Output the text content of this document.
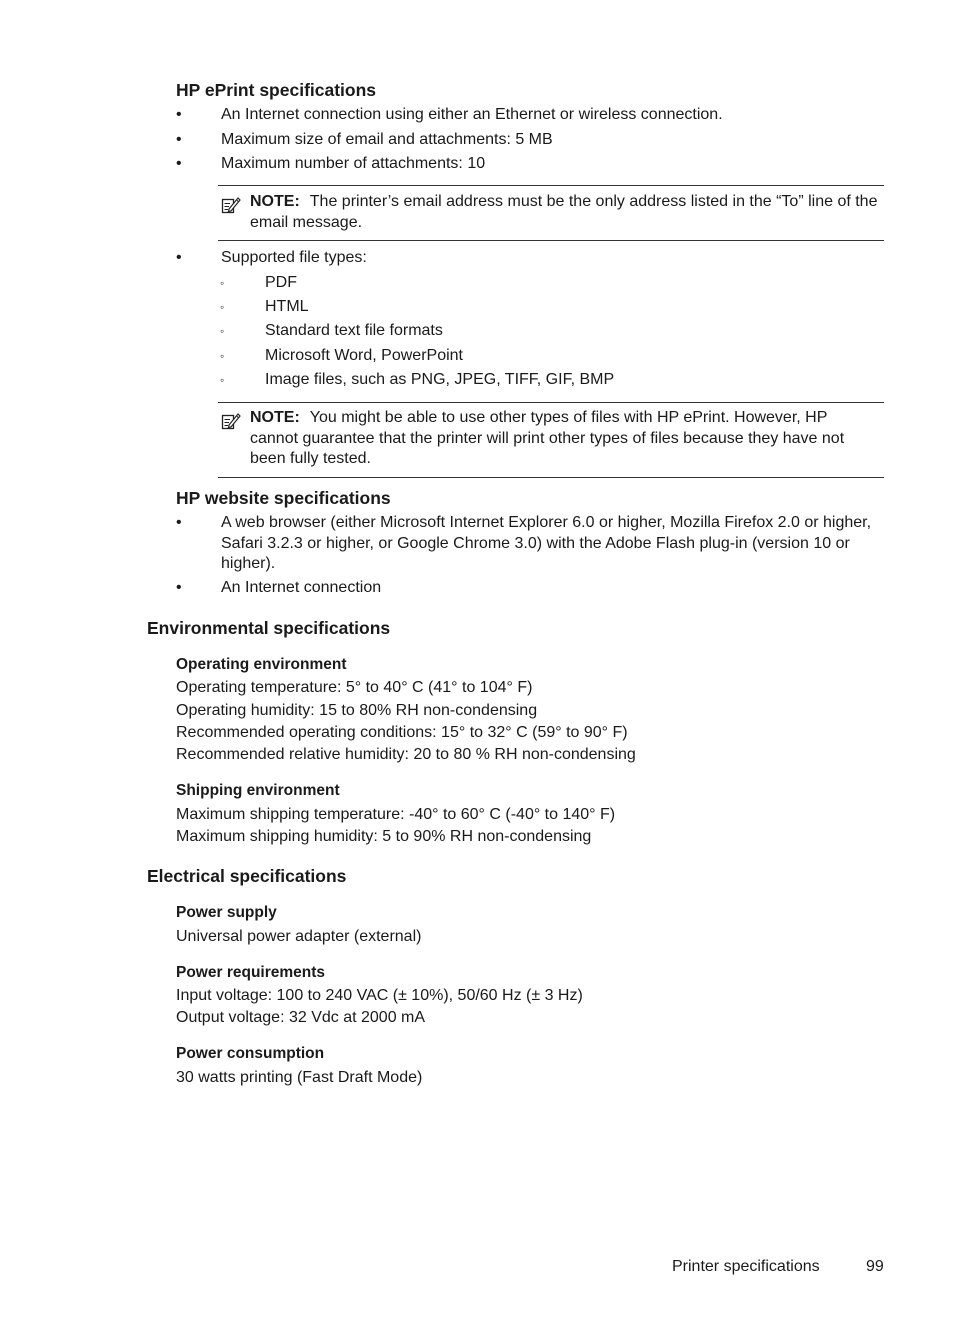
HP ePrint specifications
• An Internet connection using either an Ethernet or wireless connection.
• Maximum size of email and attachments: 5 MB
• Maximum number of attachments: 10
NOTE: The printer’s email address must be the only address listed in the “To” line of the email message.
• Supported file types:
◦	PDF
◦	HTML
◦	Standard text file formats
◦	Microsoft Word, PowerPoint
◦	Image files, such as PNG, JPEG, TIFF, GIF, BMP
NOTE: You might be able to use other types of files with HP ePrint. However, HP cannot guarantee that the printer will print other types of files because they have not been fully tested.
HP website specifications
• A web browser (either Microsoft Internet Explorer 6.0 or higher, Mozilla Firefox 2.0 or higher, Safari 3.2.3 or higher, or Google Chrome 3.0) with the Adobe Flash plug-in (version 10 or higher).
• An Internet connection
Environmental specifications
Operating environment
Operating temperature: 5° to 40° C (41° to 104° F)
Operating humidity: 15 to 80% RH non-condensing
Recommended operating conditions: 15° to 32° C (59° to 90° F)
Recommended relative humidity: 20 to 80 % RH non-condensing
Shipping environment
Maximum shipping temperature: -40° to 60° C (-40° to 140° F)
Maximum shipping humidity: 5 to 90% RH non-condensing
Electrical specifications
Power supply
Universal power adapter (external)
Power requirements
Input voltage: 100 to 240 VAC (± 10%), 50/60 Hz (± 3 Hz)
Output voltage: 32 Vdc at 2000 mA
Power consumption
30 watts printing (Fast Draft Mode)
Printer specifications	99
